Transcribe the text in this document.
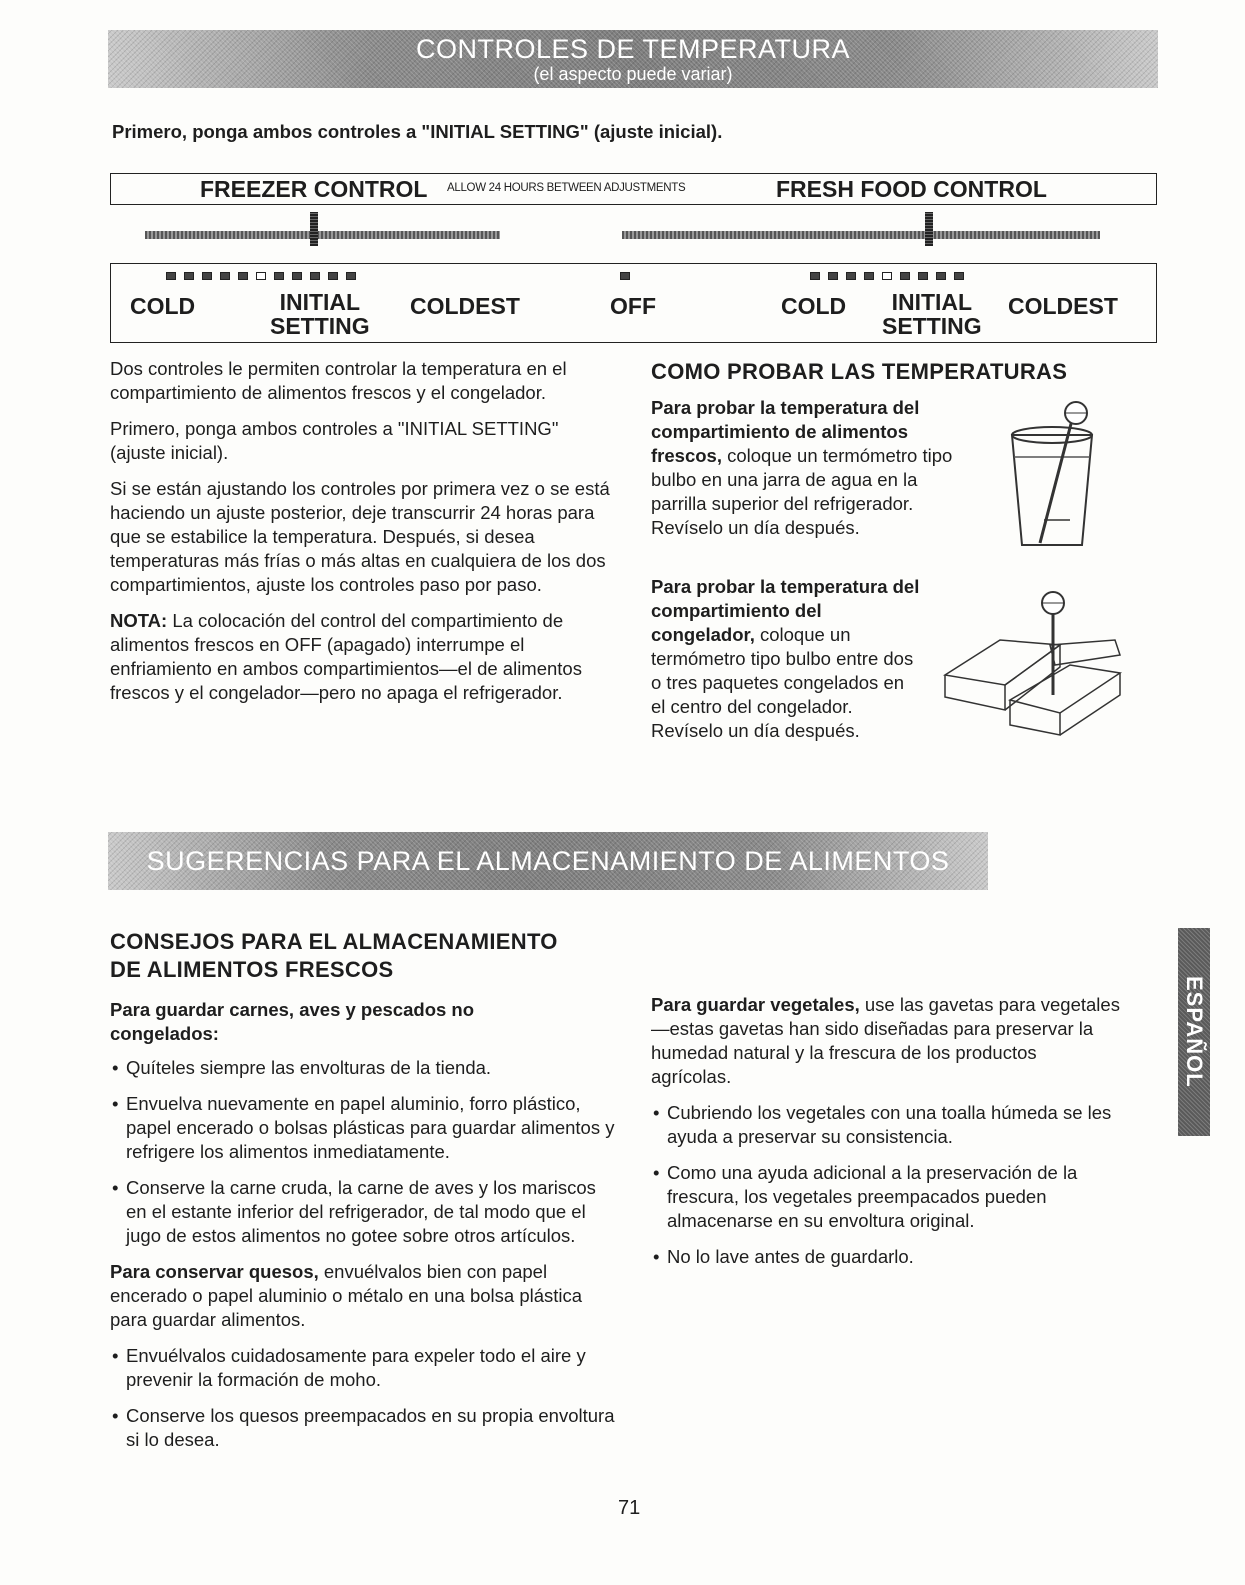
CONTROLES DE TEMPERATURA
(el aspecto puede variar)
Primero, ponga ambos controles a "INITIAL SETTING" (ajuste inicial).
FREEZER CONTROL ALLOW 24 HOURS BETWEEN ADJUSTMENTS	FRESH FOOD CONTROL
COLD	INITIAL
SETTING
COLDEST	OFF	COLD	INITIAL
SETTING
COLDEST

Dos controles le permiten controlar la temperatura en el compartimiento de alimentos frescos y el congelador.

Primero, ponga ambos controles a "INITIAL SETTING" (ajuste inicial).

Si se están ajustando los controles por primera vez o se está haciendo un ajuste posterior, deje transcurrir 24 horas para que se estabilice la temperatura. Después, si desea temperaturas más frías o más altas en cualquiera de los dos compartimientos, ajuste los controles paso por paso.

NOTA: La colocación del control del compartimiento de alimentos frescos en OFF (apagado) interrumpe el enfriamiento en ambos compartimientos—el de alimentos frescos y el congelador—pero no apaga el refrigerador.

COMO PROBAR LAS TEMPERATURAS

Para probar la temperatura del compartimiento de alimentos frescos, coloque un termómetro tipo bulbo en una jarra de agua en la parrilla superior del refrigerador. Revíselo un día después.

Para probar la temperatura del compartimiento del congelador, coloque un termómetro tipo bulbo entre dos o tres paquetes congelados en el centro del congelador. Revíselo un día después.

SUGERENCIAS PARA EL ALMACENAMIENTO DE ALIMENTOS
CONSEJOS PARA EL ALMACENAMIENTO
DE ALIMENTOS FRESCOS
Para guardar carnes, aves y pescados no congelados:
• Quíteles siempre las envolturas de la tienda.
• Envuelva nuevamente en papel aluminio, forro plástico, papel encerado o bolsas plásticas para guardar alimentos y refrigere los alimentos inmediatamente.
• Conserve la carne cruda, la carne de aves y los mariscos en el estante inferior del refrigerador, de tal modo que el jugo de estos alimentos no gotee sobre otros artículos.

Para conservar quesos, envuélvalos bien con papel encerado o papel aluminio o métalo en una bolsa plástica para guardar alimentos.

• Envuélvalos cuidadosamente para expeler todo el aire y prevenir la formación de moho.
• Conserve los quesos preempacados en su propia envoltura si lo desea.

Para guardar vegetales, use las gavetas para vegetales—estas gavetas han sido diseñadas para preservar la humedad natural y la frescura de los productos agrícolas.

• Cubriendo los vegetales con una toalla húmeda se les ayuda a preservar su consistencia.
• Como una ayuda adicional a la preservación de la frescura, los vegetales preempacados pueden almacenarse en su envoltura original.
• No lo lave antes de guardarlo.
ESPAÑOL
71
